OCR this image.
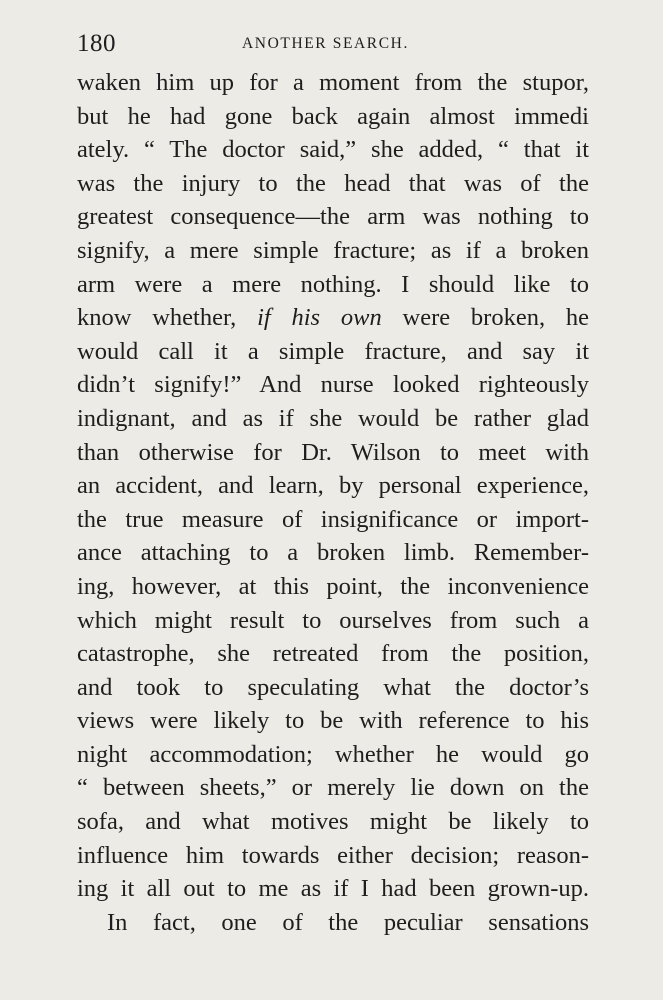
180	ANOTHER SEARCH.
waken him up for a moment from the stupor,
but he had gone back again almost immedi
ately. “ The doctor said,” she added, “ that it
was the injury to the head that was of the
greatest consequence—the arm was nothing to
signify, a mere simple fracture; as if a broken
arm were a mere nothing. I should like to
know whether, if his own were broken, he
would call it a simple fracture, and say it
didn’t signify!” And nurse looked righteously
indignant, and as if she would be rather glad
than otherwise for Dr. Wilson to meet with
an accident, and learn, by personal experience,
the true measure of insignificance or import-
ance attaching to a broken limb. Remember-
ing, however, at this point, the inconvenience
which might result to ourselves from such a
catastrophe, she retreated from the position,
and took to speculating what the doctor’s
views were likely to be with reference to his
night accommodation; whether he would go
“ between sheets,” or merely lie down on the
sofa, and what motives might be likely to
influence him towards either decision; reason-
ing it all out to me as if I had been grown-up.
In fact, one of the peculiar sensations
